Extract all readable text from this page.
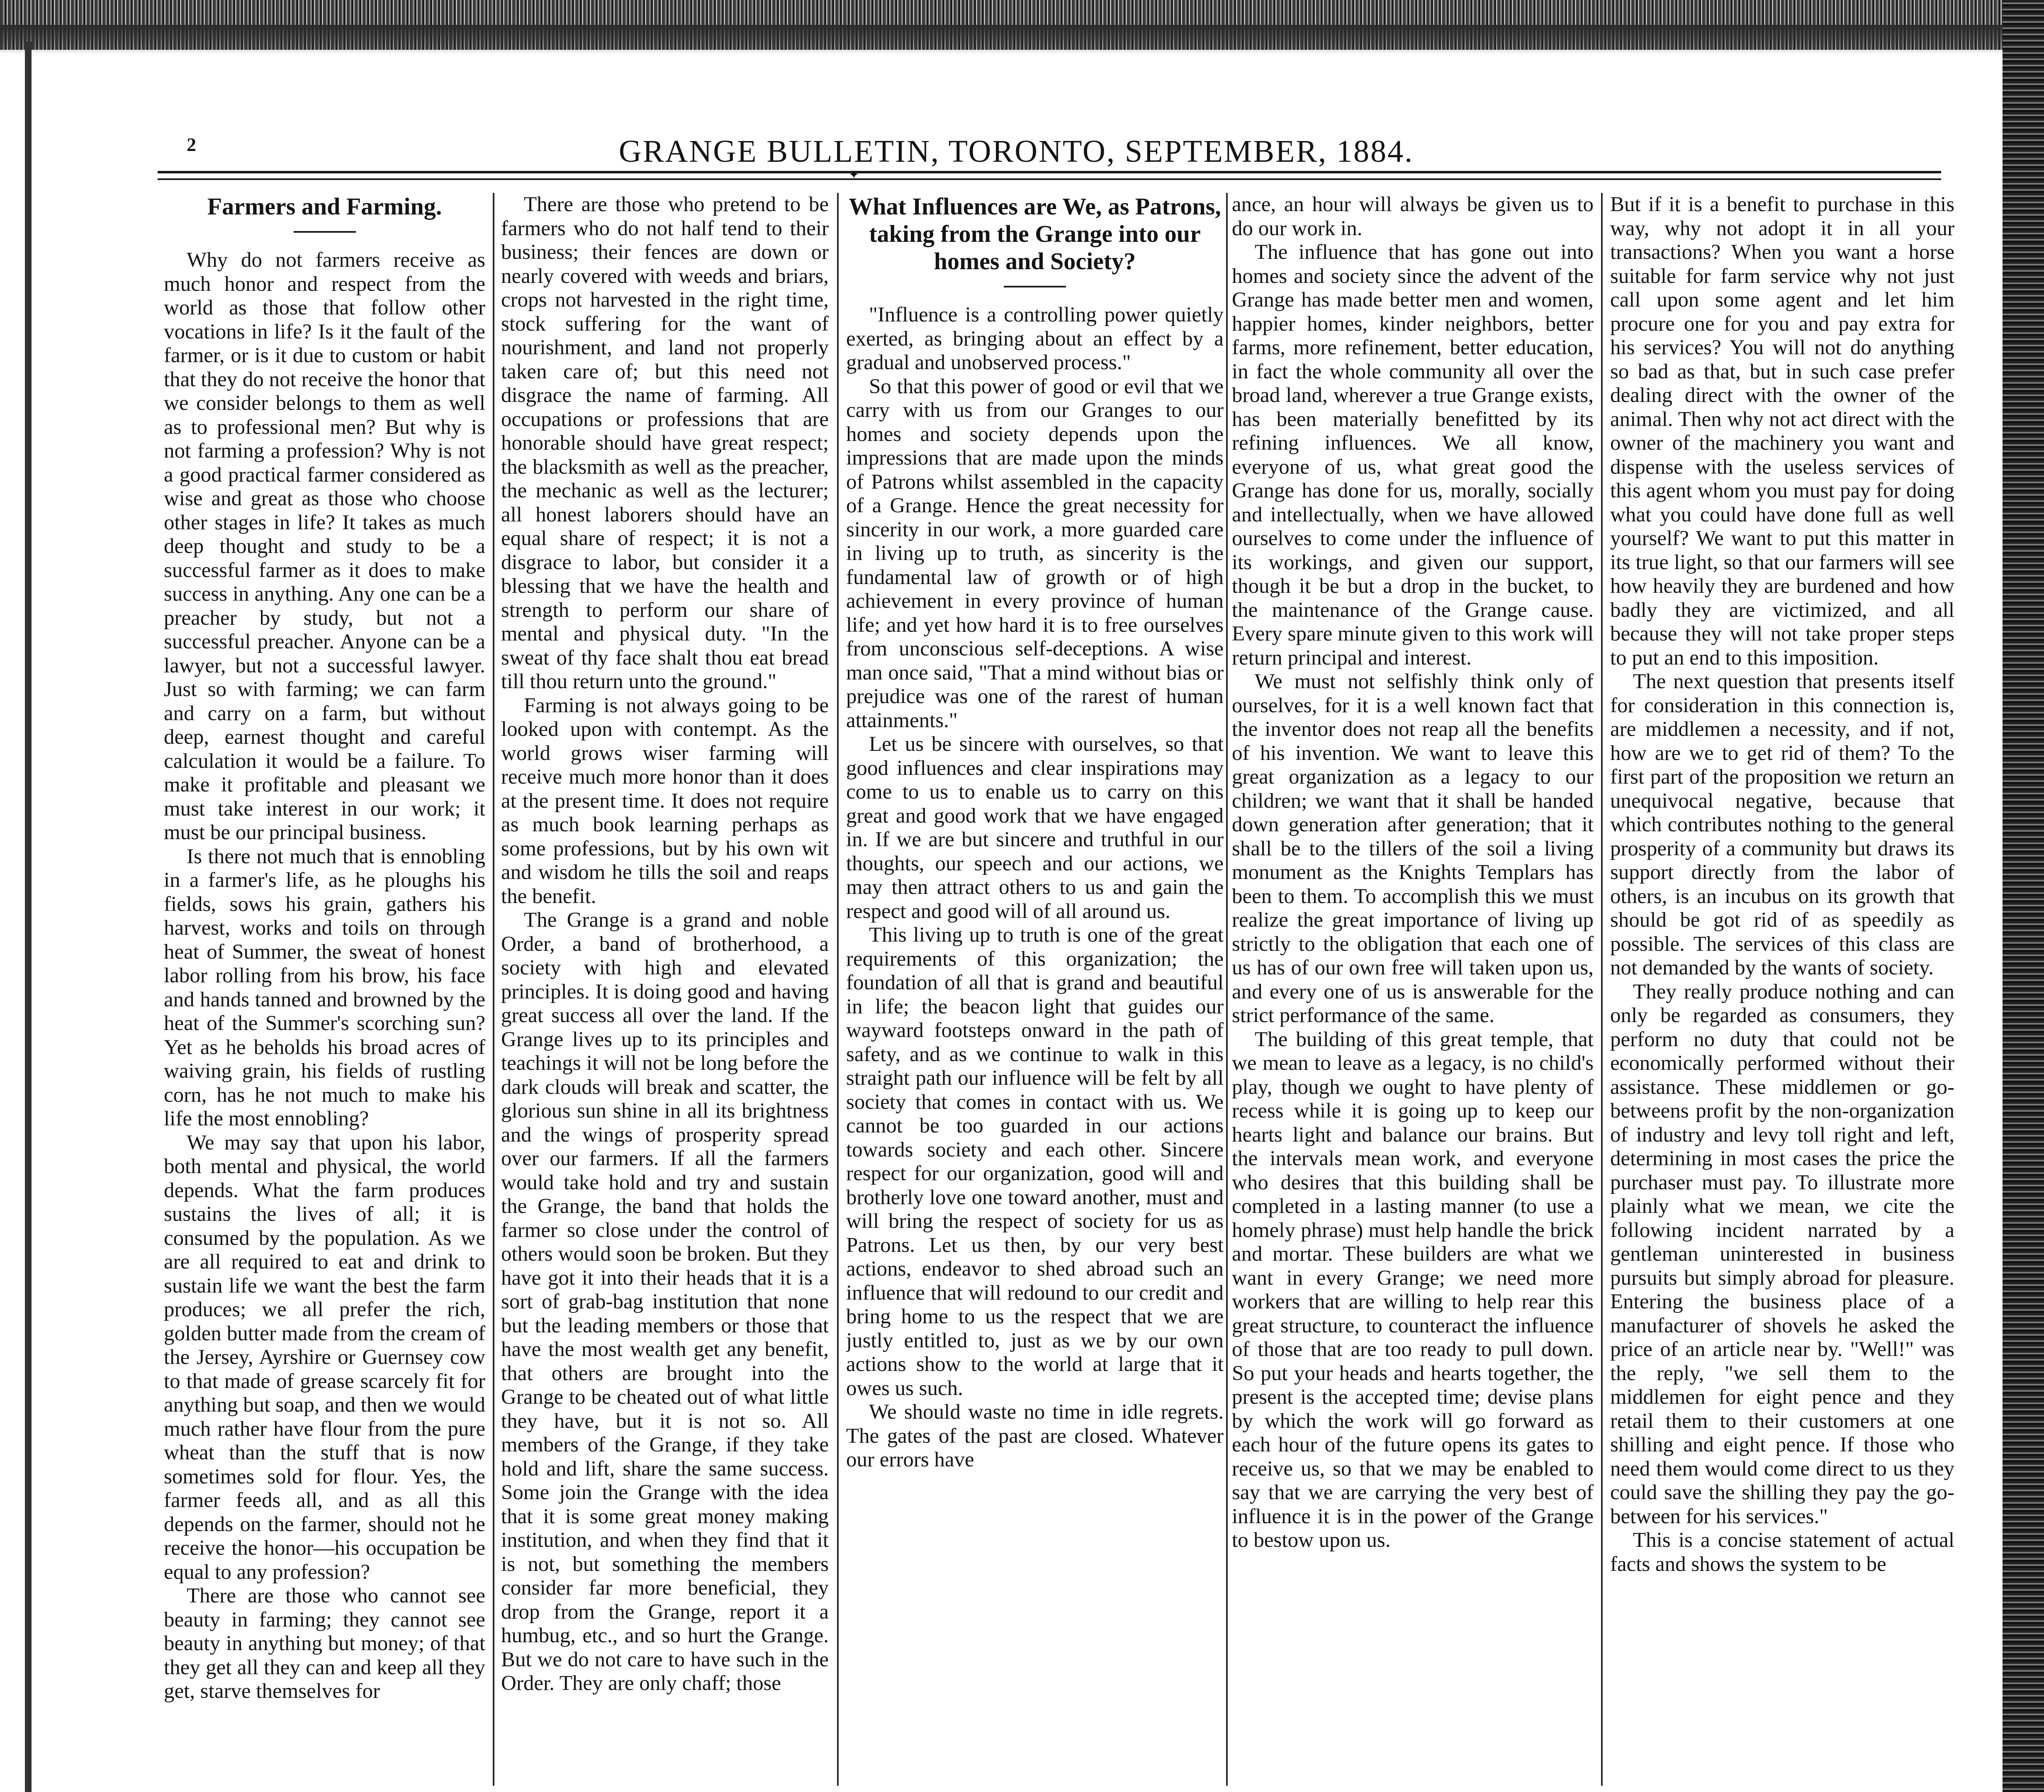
2	GRANGE BULLETIN, TORONTO, SEPTEMBER, 1884.
✦
Farmers and Farming.

Why do not farmers receive as much honor and respect from the world as those that follow other vocations in life? Is it the fault of the farmer, or is it due to custom or habit that they do not receive the honor that we consider belongs to them as well as to professional men? But why is not farming a profession? Why is not a good practical farmer considered as wise and great as those who choose other stages in life? It takes as much deep thought and study to be a successful farmer as it does to make success in anything. Any one can be a preacher by study, but not a successful preacher. Anyone can be a lawyer, but not a successful lawyer. Just so with farming; we can farm and carry on a farm, but without deep, earnest thought and careful calculation it would be a failure. To make it profitable and pleasant we must take interest in our work; it must be our principal business.

Is there not much that is ennobling in a farmer's life, as he ploughs his fields, sows his grain, gathers his harvest, works and toils on through heat of Summer, the sweat of honest labor rolling from his brow, his face and hands tanned and browned by the heat of the Summer's scorching sun? Yet as he beholds his broad acres of waiving grain, his fields of rustling corn, has he not much to make his life the most ennobling?

We may say that upon his labor, both mental and physical, the world depends. What the farm produces sustains the lives of all; it is consumed by the population. As we are all required to eat and drink to sustain life we want the best the farm produces; we all prefer the rich, golden butter made from the cream of the Jersey, Ayrshire or Guernsey cow to that made of grease scarcely fit for anything but soap, and then we would much rather have flour from the pure wheat than the stuff that is now sometimes sold for flour. Yes, the farmer feeds all, and as all this depends on the farmer, should not he receive the honor—his occupation be equal to any profession?

There are those who cannot see beauty in farming; they cannot see beauty in anything but money; of that they get all they can and keep all they get, starve themselves for

There are those who pretend to be farmers who do not half tend to their business; their fences are down or nearly covered with weeds and briars, crops not harvested in the right time, stock suffering for the want of nourishment, and land not properly taken care of; but this need not disgrace the name of farming. All occupations or professions that are honorable should have great respect; the blacksmith as well as the preacher, the mechanic as well as the lecturer; all honest laborers should have an equal share of respect; it is not a disgrace to labor, but consider it a blessing that we have the health and strength to perform our share of mental and physical duty. "In the sweat of thy face shalt thou eat bread till thou return unto the ground."

Farming is not always going to be looked upon with contempt. As the world grows wiser farming will receive much more honor than it does at the present time. It does not require as much book learning perhaps as some professions, but by his own wit and wisdom he tills the soil and reaps the benefit.

The Grange is a grand and noble Order, a band of brotherhood, a society with high and elevated principles. It is doing good and having great success all over the land. If the Grange lives up to its principles and teachings it will not be long before the dark clouds will break and scatter, the glorious sun shine in all its brightness and the wings of prosperity spread over our farmers. If all the farmers would take hold and try and sustain the Grange, the band that holds the farmer so close under the control of others would soon be broken. But they have got it into their heads that it is a sort of grab-bag institution that none but the leading members or those that have the most wealth get any benefit, that others are brought into the Grange to be cheated out of what little they have, but it is not so. All members of the Grange, if they take hold and lift, share the same success. Some join the Grange with the idea that it is some great money making institution, and when they find that it is not, but something the members consider far more beneficial, they drop from the Grange, report it a humbug, etc., and so hurt the Grange. But we do not care to have such in the Order. They are only chaff; those

What Influences are We, as Patrons, taking from the Grange into our homes and Society?

"Influence is a controlling power quietly exerted, as bringing about an effect by a gradual and unobserved process."

So that this power of good or evil that we carry with us from our Granges to our homes and society depends upon the impressions that are made upon the minds of Patrons whilst assembled in the capacity of a Grange. Hence the great necessity for sincerity in our work, a more guarded care in living up to truth, as sincerity is the fundamental law of growth or of high achievement in every province of human life; and yet how hard it is to free ourselves from unconscious self-deceptions. A wise man once said, "That a mind without bias or prejudice was one of the rarest of human attainments."

Let us be sincere with ourselves, so that good influences and clear inspirations may come to us to enable us to carry on this great and good work that we have engaged in. If we are but sincere and truthful in our thoughts, our speech and our actions, we may then attract others to us and gain the respect and good will of all around us.

This living up to truth is one of the great requirements of this organization; the foundation of all that is grand and beautiful in life; the beacon light that guides our wayward footsteps onward in the path of safety, and as we continue to walk in this straight path our influence will be felt by all society that comes in contact with us. We cannot be too guarded in our actions towards society and each other. Sincere respect for our organization, good will and brotherly love one toward another, must and will bring the respect of society for us as Patrons. Let us then, by our very best actions, endeavor to shed abroad such an influence that will redound to our credit and bring home to us the respect that we are justly entitled to, just as we by our own actions show to the world at large that it owes us such.

We should waste no time in idle regrets. The gates of the past are closed. Whatever our errors have

ance, an hour will always be given us to do our work in.

The influence that has gone out into homes and society since the advent of the Grange has made better men and women, happier homes, kinder neighbors, better farms, more refinement, better education, in fact the whole community all over the broad land, wherever a true Grange exists, has been materially benefitted by its refining influences. We all know, everyone of us, what great good the Grange has done for us, morally, socially and intellectually, when we have allowed ourselves to come under the influence of its workings, and given our support, though it be but a drop in the bucket, to the maintenance of the Grange cause. Every spare minute given to this work will return principal and interest.

We must not selfishly think only of ourselves, for it is a well known fact that the inventor does not reap all the benefits of his invention. We want to leave this great organization as a legacy to our children; we want that it shall be handed down generation after generation; that it shall be to the tillers of the soil a living monument as the Knights Templars has been to them. To accomplish this we must realize the great importance of living up strictly to the obligation that each one of us has of our own free will taken upon us, and every one of us is answerable for the strict performance of the same.

The building of this great temple, that we mean to leave as a legacy, is no child's play, though we ought to have plenty of recess while it is going up to keep our hearts light and balance our brains. But the intervals mean work, and everyone who desires that this building shall be completed in a lasting manner (to use a homely phrase) must help handle the brick and mortar. These builders are what we want in every Grange; we need more workers that are willing to help rear this great structure, to counteract the influence of those that are too ready to pull down. So put your heads and hearts together, the present is the accepted time; devise plans by which the work will go forward as each hour of the future opens its gates to receive us, so that we may be enabled to say that we are carrying the very best of influence it is in the power of the Grange to bestow upon us.

But if it is a benefit to purchase in this way, why not adopt it in all your transactions? When you want a horse suitable for farm service why not just call upon some agent and let him procure one for you and pay extra for his services? You will not do anything so bad as that, but in such case prefer dealing direct with the owner of the animal. Then why not act direct with the owner of the machinery you want and dispense with the useless services of this agent whom you must pay for doing what you could have done full as well yourself? We want to put this matter in its true light, so that our farmers will see how heavily they are burdened and how badly they are victimized, and all because they will not take proper steps to put an end to this imposition.

The next question that presents itself for consideration in this connection is, are middlemen a necessity, and if not, how are we to get rid of them? To the first part of the proposition we return an unequivocal negative, because that which contributes nothing to the general prosperity of a community but draws its support directly from the labor of others, is an incubus on its growth that should be got rid of as speedily as possible. The services of this class are not demanded by the wants of society.

They really produce nothing and can only be regarded as consumers, they perform no duty that could not be economically performed without their assistance. These middlemen or go-betweens profit by the non-organization of industry and levy toll right and left, determining in most cases the price the purchaser must pay. To illustrate more plainly what we mean, we cite the following incident narrated by a gentleman uninterested in business pursuits but simply abroad for pleasure. Entering the business place of a manufacturer of shovels he asked the price of an article near by. "Well!" was the reply, "we sell them to the middlemen for eight pence and they retail them to their customers at one shilling and eight pence. If those who need them would come direct to us they could save the shilling they pay the go-between for his services."

This is a concise statement of actual facts and shows the system to be
